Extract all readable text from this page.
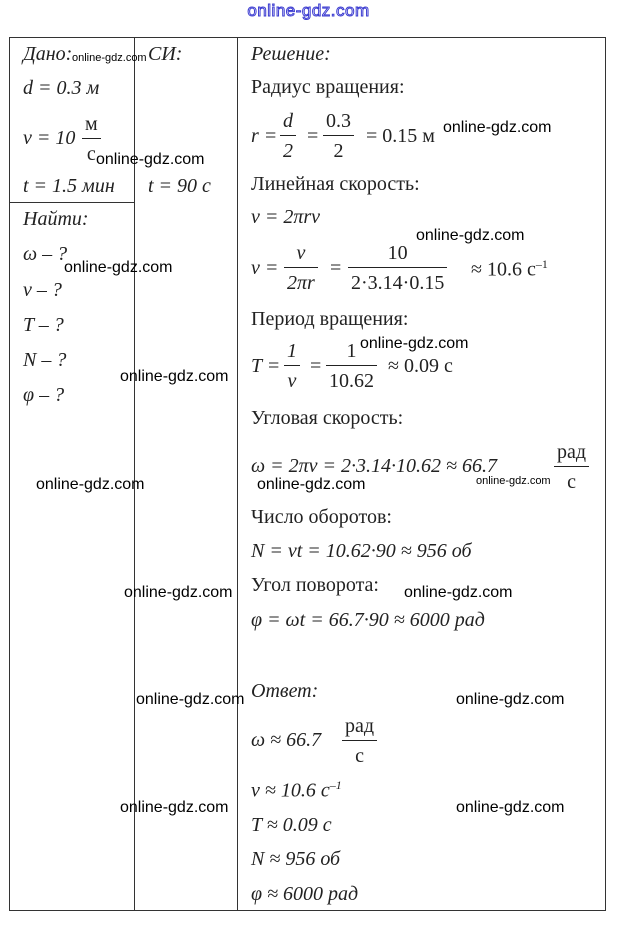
online-gdz.com
Дано:
d = 0.3 м
v = 10
м
с
t = 1.5 мин
Найти:
ω – ?
ν – ?
T – ?
N – ?
φ – ?
СИ:
t = 90 с
Решение:
Радиус вращения:
r =
d
2
=
0.3
2
= 0.15 м
Линейная скорость:
v = 2πrν
ν =
v
2πr
=
10
2·3.14·0.15
≈ 10.6 $с^{-1}$
Период вращения:
T =
1
ν
=
1
10.62
≈ 0.09 с
Угловая скорость:
ω = 2πν = 2·3.14·10.62 ≈ 66.7
рад
с
Число оборотов:
N = νt = 10.62·90 ≈ 956 об
Угол поворота:
φ = ωt = 66.7·90 ≈ 6000 рад
Ответ:
ω ≈ 66.7
рад
с
ν ≈ 10.6 $с^{-1}$
T ≈ 0.09 с
N ≈ 956 об
φ ≈ 6000 рад
online-gdz.com
online-gdz.com
online-gdz.com
online-gdz.com
online-gdz.com
online-gdz.com
online-gdz.com
online-gdz.com
online-gdz.com	online-gdz.com
online-gdz.com	online-gdz.com
online-gdz.com	online-gdz.com
online-gdz.com	online-gdz.com
